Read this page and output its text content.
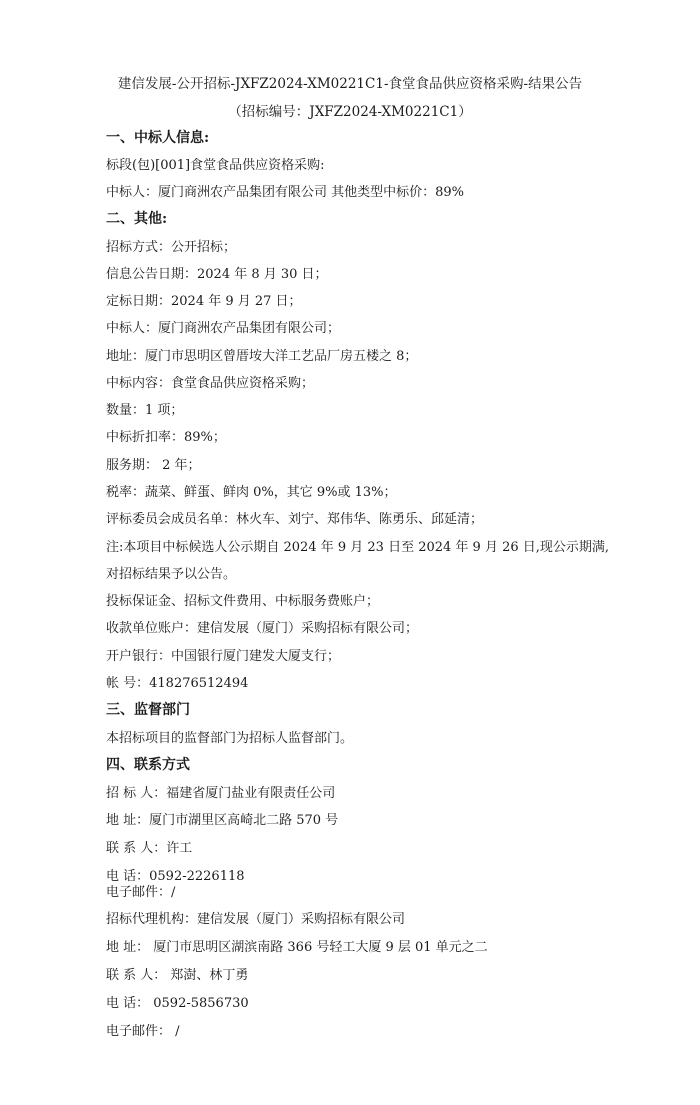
建信发展-公开招标-JXFZ2024-XM0221C1-食堂食品供应资格采购-结果公告
（招标编号：JXFZ2024-XM0221C1）
一、中标人信息:
标段(包)[001]食堂食品供应资格采购:
中标人：厦门商洲农产品集团有限公司 其他类型中标价：89%
二、其他:
招标方式：公开招标；
信息公告日期：2024 年 8 月 30 日；
定标日期：2024 年 9 月 27 日；
中标人：厦门商洲农产品集团有限公司；
地址：厦门市思明区曾厝垵大洋工艺品厂房五楼之 8；
中标内容：食堂食品供应资格采购；
数量：1 项；
中标折扣率：89%；
服务期： 2 年；
税率：蔬菜、鲜蛋、鲜肉 0%，其它 9%或 13%；
评标委员会成员名单：林火车、刘宁、郑伟华、陈勇乐、邱延清；
注:本项目中标候选人公示期自 2024 年 9 月 23 日至 2024 年 9 月 26 日,现公示期满,
对招标结果予以公告。
投标保证金、招标文件费用、中标服务费账户；
收款单位账户：建信发展（厦门）采购招标有限公司；
开户银行：中国银行厦门建发大厦支行；
帐 号：418276512494
三、监督部门
本招标项目的监督部门为招标人监督部门。
四、联系方式
招 标 人：福建省厦门盐业有限责任公司
地 址：厦门市湖里区高崎北二路 570 号
联 系 人：许工
电 话：0592-2226118
电子邮件：/
招标代理机构：建信发展（厦门）采购招标有限公司
地 址： 厦门市思明区湖滨南路 366 号轻工大厦 9 层 01 单元之二
联 系 人： 郑澍、林丁勇
电 话： 0592-5856730
电子邮件： /
